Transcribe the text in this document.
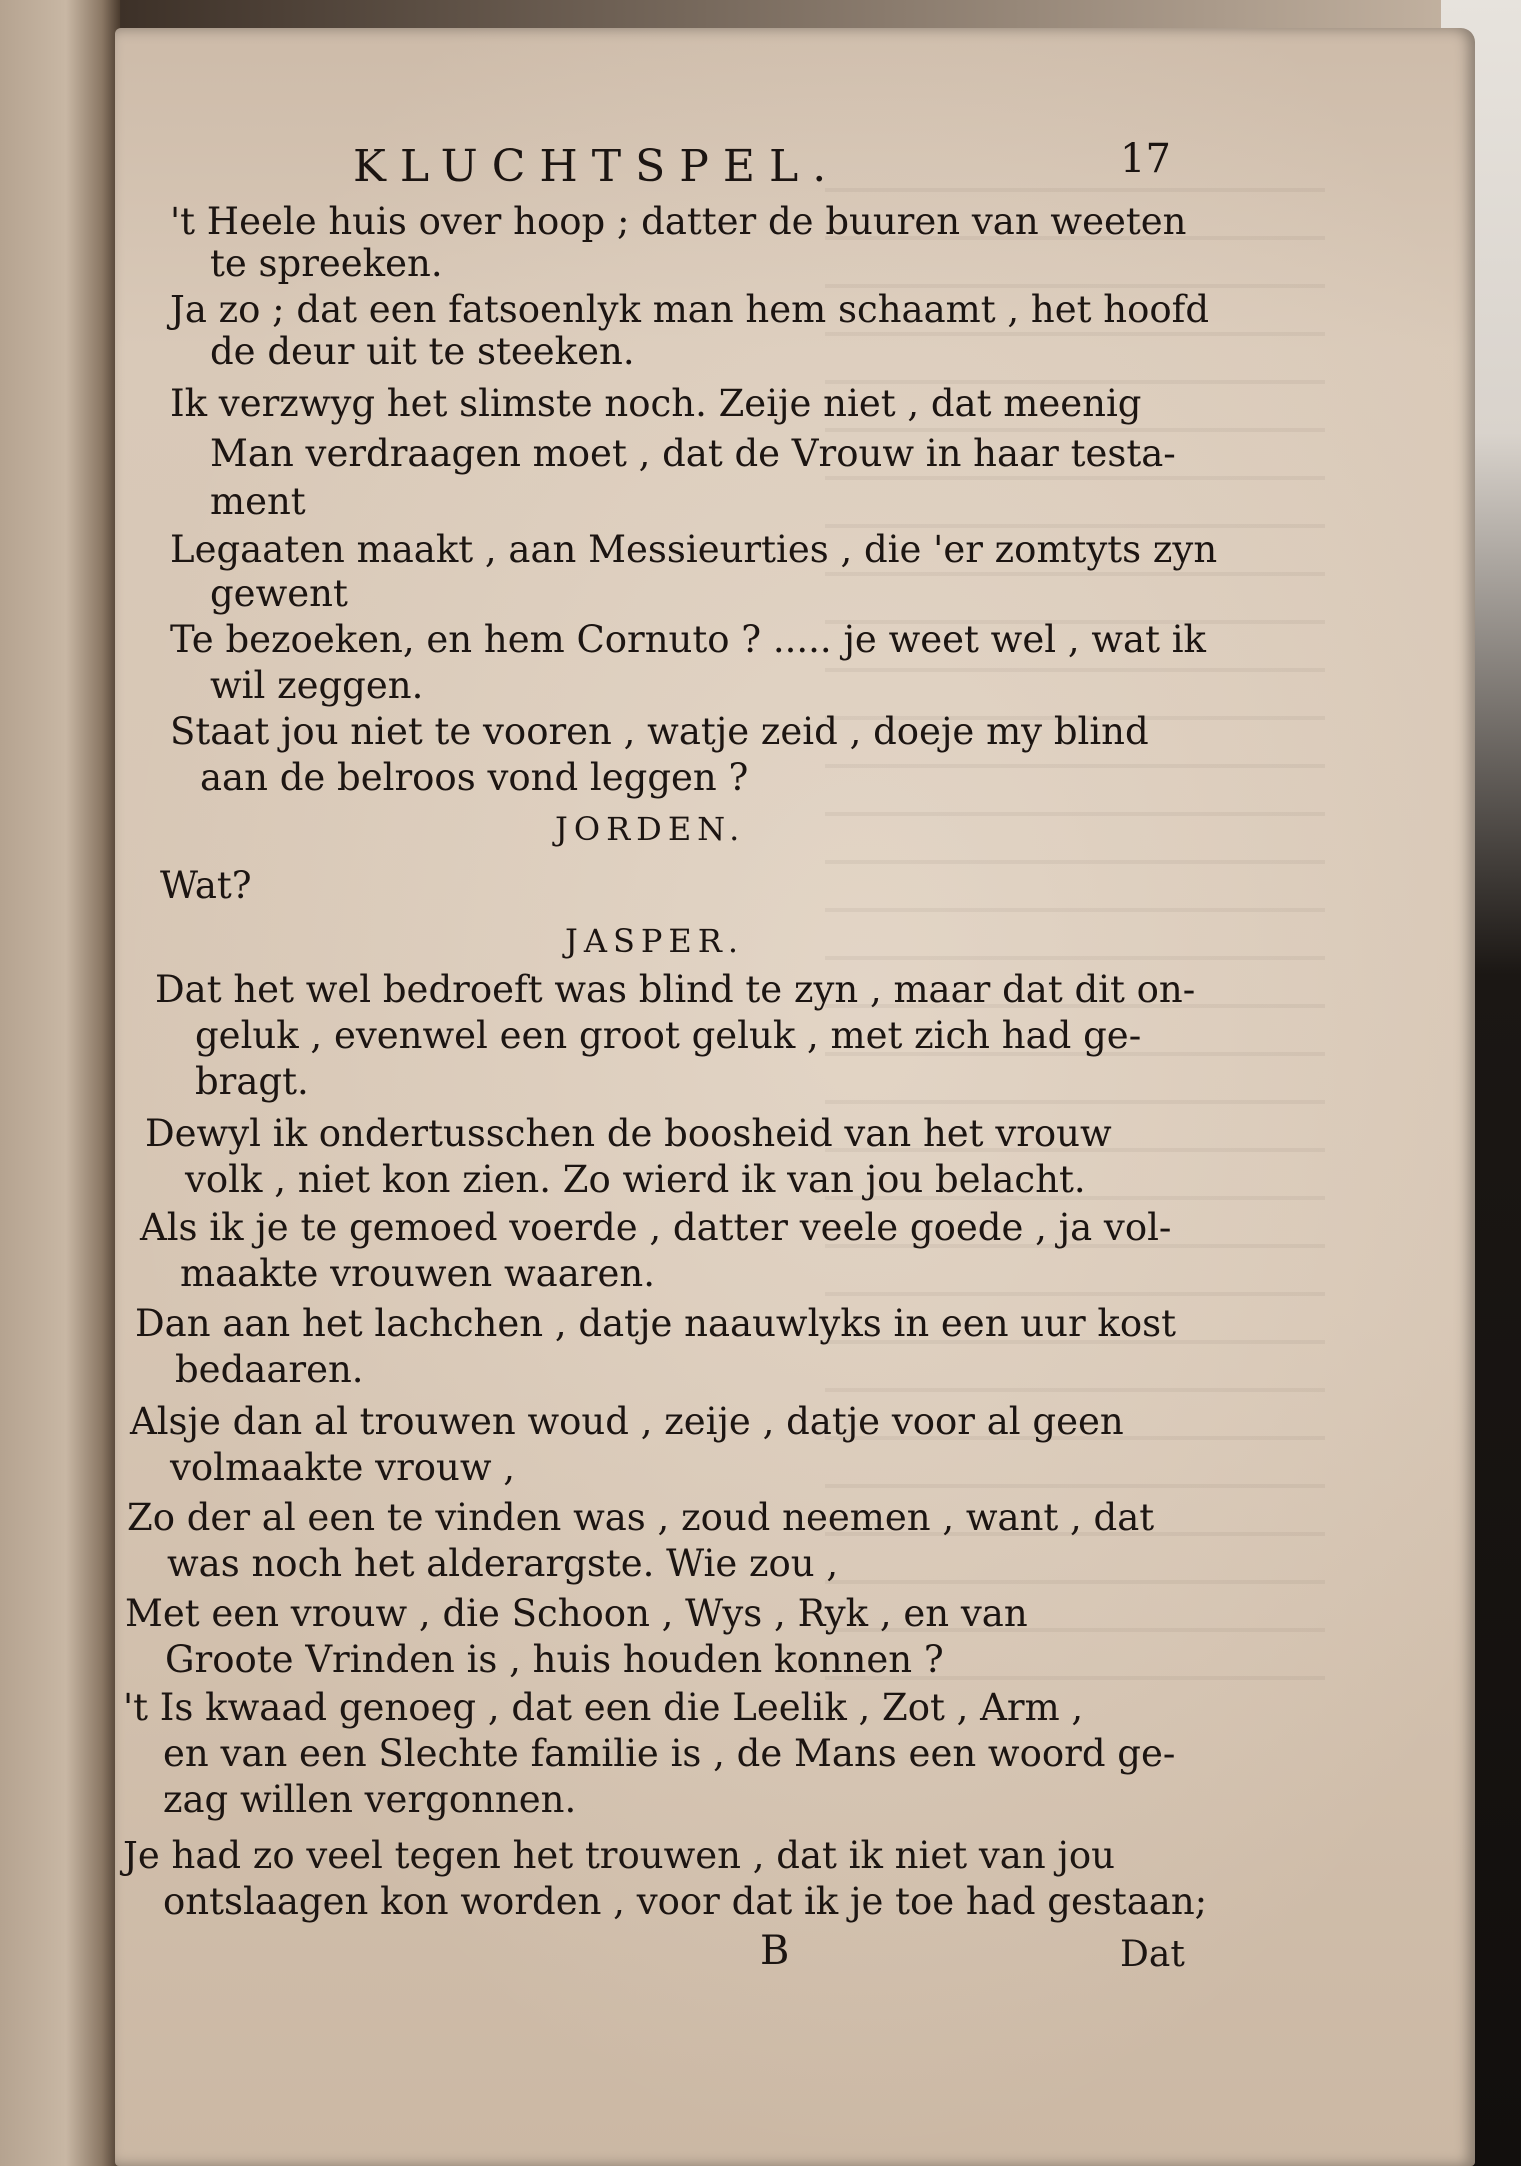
KLUCHTSPEL.	17
't Heele huis over hoop ; datter de buuren van weeten
te spreeken.
Ja zo ; dat een fatsoenlyk man hem schaamt , het hoofd
de deur uit te steeken.
Ik verzwyg het slimste noch. Zeije niet , dat meenig
Man verdraagen moet , dat de Vrouw in haar testa-
ment
Legaaten maakt , aan Messieurties , die 'er zomtyts zyn
gewent
Te bezoeken, en hem Cornuto ? ..... je weet wel , wat ik
wil zeggen.
Staat jou niet te vooren , watje zeid , doeje my blind
aan de belroos vond leggen ?
JORDEN.
Wat?
JASPER.
Dat het wel bedroeft was blind te zyn , maar dat dit on-
geluk , evenwel een groot geluk , met zich had ge-
bragt.
Dewyl ik ondertusschen de boosheid van het vrouw
volk , niet kon zien. Zo wierd ik van jou belacht.
Als ik je te gemoed voerde , datter veele goede , ja vol-
maakte vrouwen waaren.
Dan aan het lachchen , datje naauwlyks in een uur kost
bedaaren.
Alsje dan al trouwen woud , zeije , datje voor al geen
volmaakte vrouw ,
Zo der al een te vinden was , zoud neemen , want , dat
was noch het alderargste. Wie zou ,
Met een vrouw , die Schoon , Wys , Ryk , en van
Groote Vrinden is , huis houden konnen ?
't Is kwaad genoeg , dat een die Leelik , Zot , Arm ,
en van een Slechte familie is , de Mans een woord ge-
zag willen vergonnen.
Je had zo veel tegen het trouwen , dat ik niet van jou
ontslaagen kon worden , voor dat ik je toe had gestaan;
B	Dat
